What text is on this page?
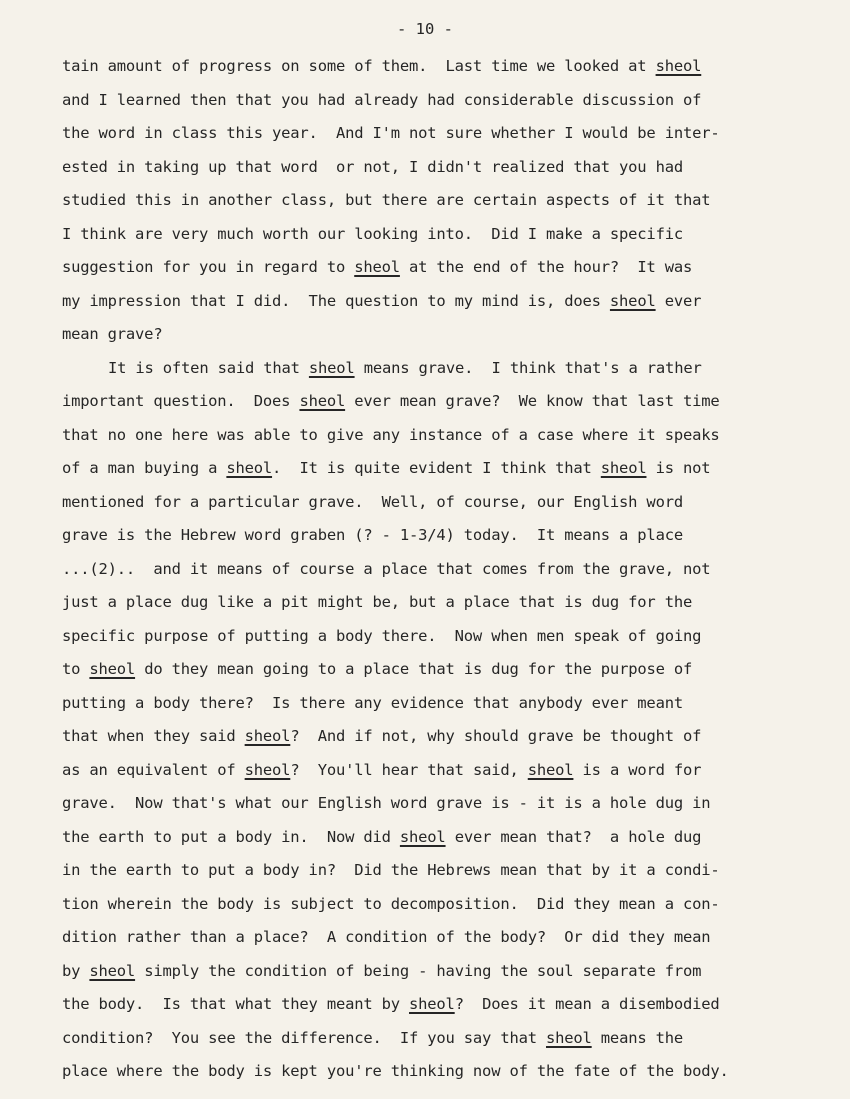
- 10 -
tain amount of progress on some of them.  Last time we looked at sheol
and I learned then that you had already had considerable discussion of
the word in class this year.  And I'm not sure whether I would be inter-
ested in taking up that word  or not, I didn't realized that you had
studied this in another class, but there are certain aspects of it that
I think are very much worth our looking into.  Did I make a specific
suggestion for you in regard to sheol at the end of the hour?  It was
my impression that I did.  The question to my mind is, does sheol ever
mean grave?
It is often said that sheol means grave.  I think that's a rather
important question.  Does sheol ever mean grave?  We know that last time
that no one here was able to give any instance of a case where it speaks
of a man buying a sheol.  It is quite evident I think that sheol is not
mentioned for a particular grave.  Well, of course, our English word
grave is the Hebrew word graben (? - 1-3/4) today.  It means a place
...(2)..  and it means of course a place that comes from the grave, not
just a place dug like a pit might be, but a place that is dug for the
specific purpose of putting a body there.  Now when men speak of going
to sheol do they mean going to a place that is dug for the purpose of
putting a body there?  Is there any evidence that anybody ever meant
that when they said sheol?  And if not, why should grave be thought of
as an equivalent of sheol?  You'll hear that said, sheol is a word for
grave.  Now that's what our English word grave is - it is a hole dug in
the earth to put a body in.  Now did sheol ever mean that?  a hole dug
in the earth to put a body in?  Did the Hebrews mean that by it a condi-
tion wherein the body is subject to decomposition.  Did they mean a con-
dition rather than a place?  A condition of the body?  Or did they mean
by sheol simply the condition of being - having the soul separate from
the body.  Is that what they meant by sheol?  Does it mean a disembodied
condition?  You see the difference.  If you say that sheol means the
place where the body is kept you're thinking now of the fate of the body.
